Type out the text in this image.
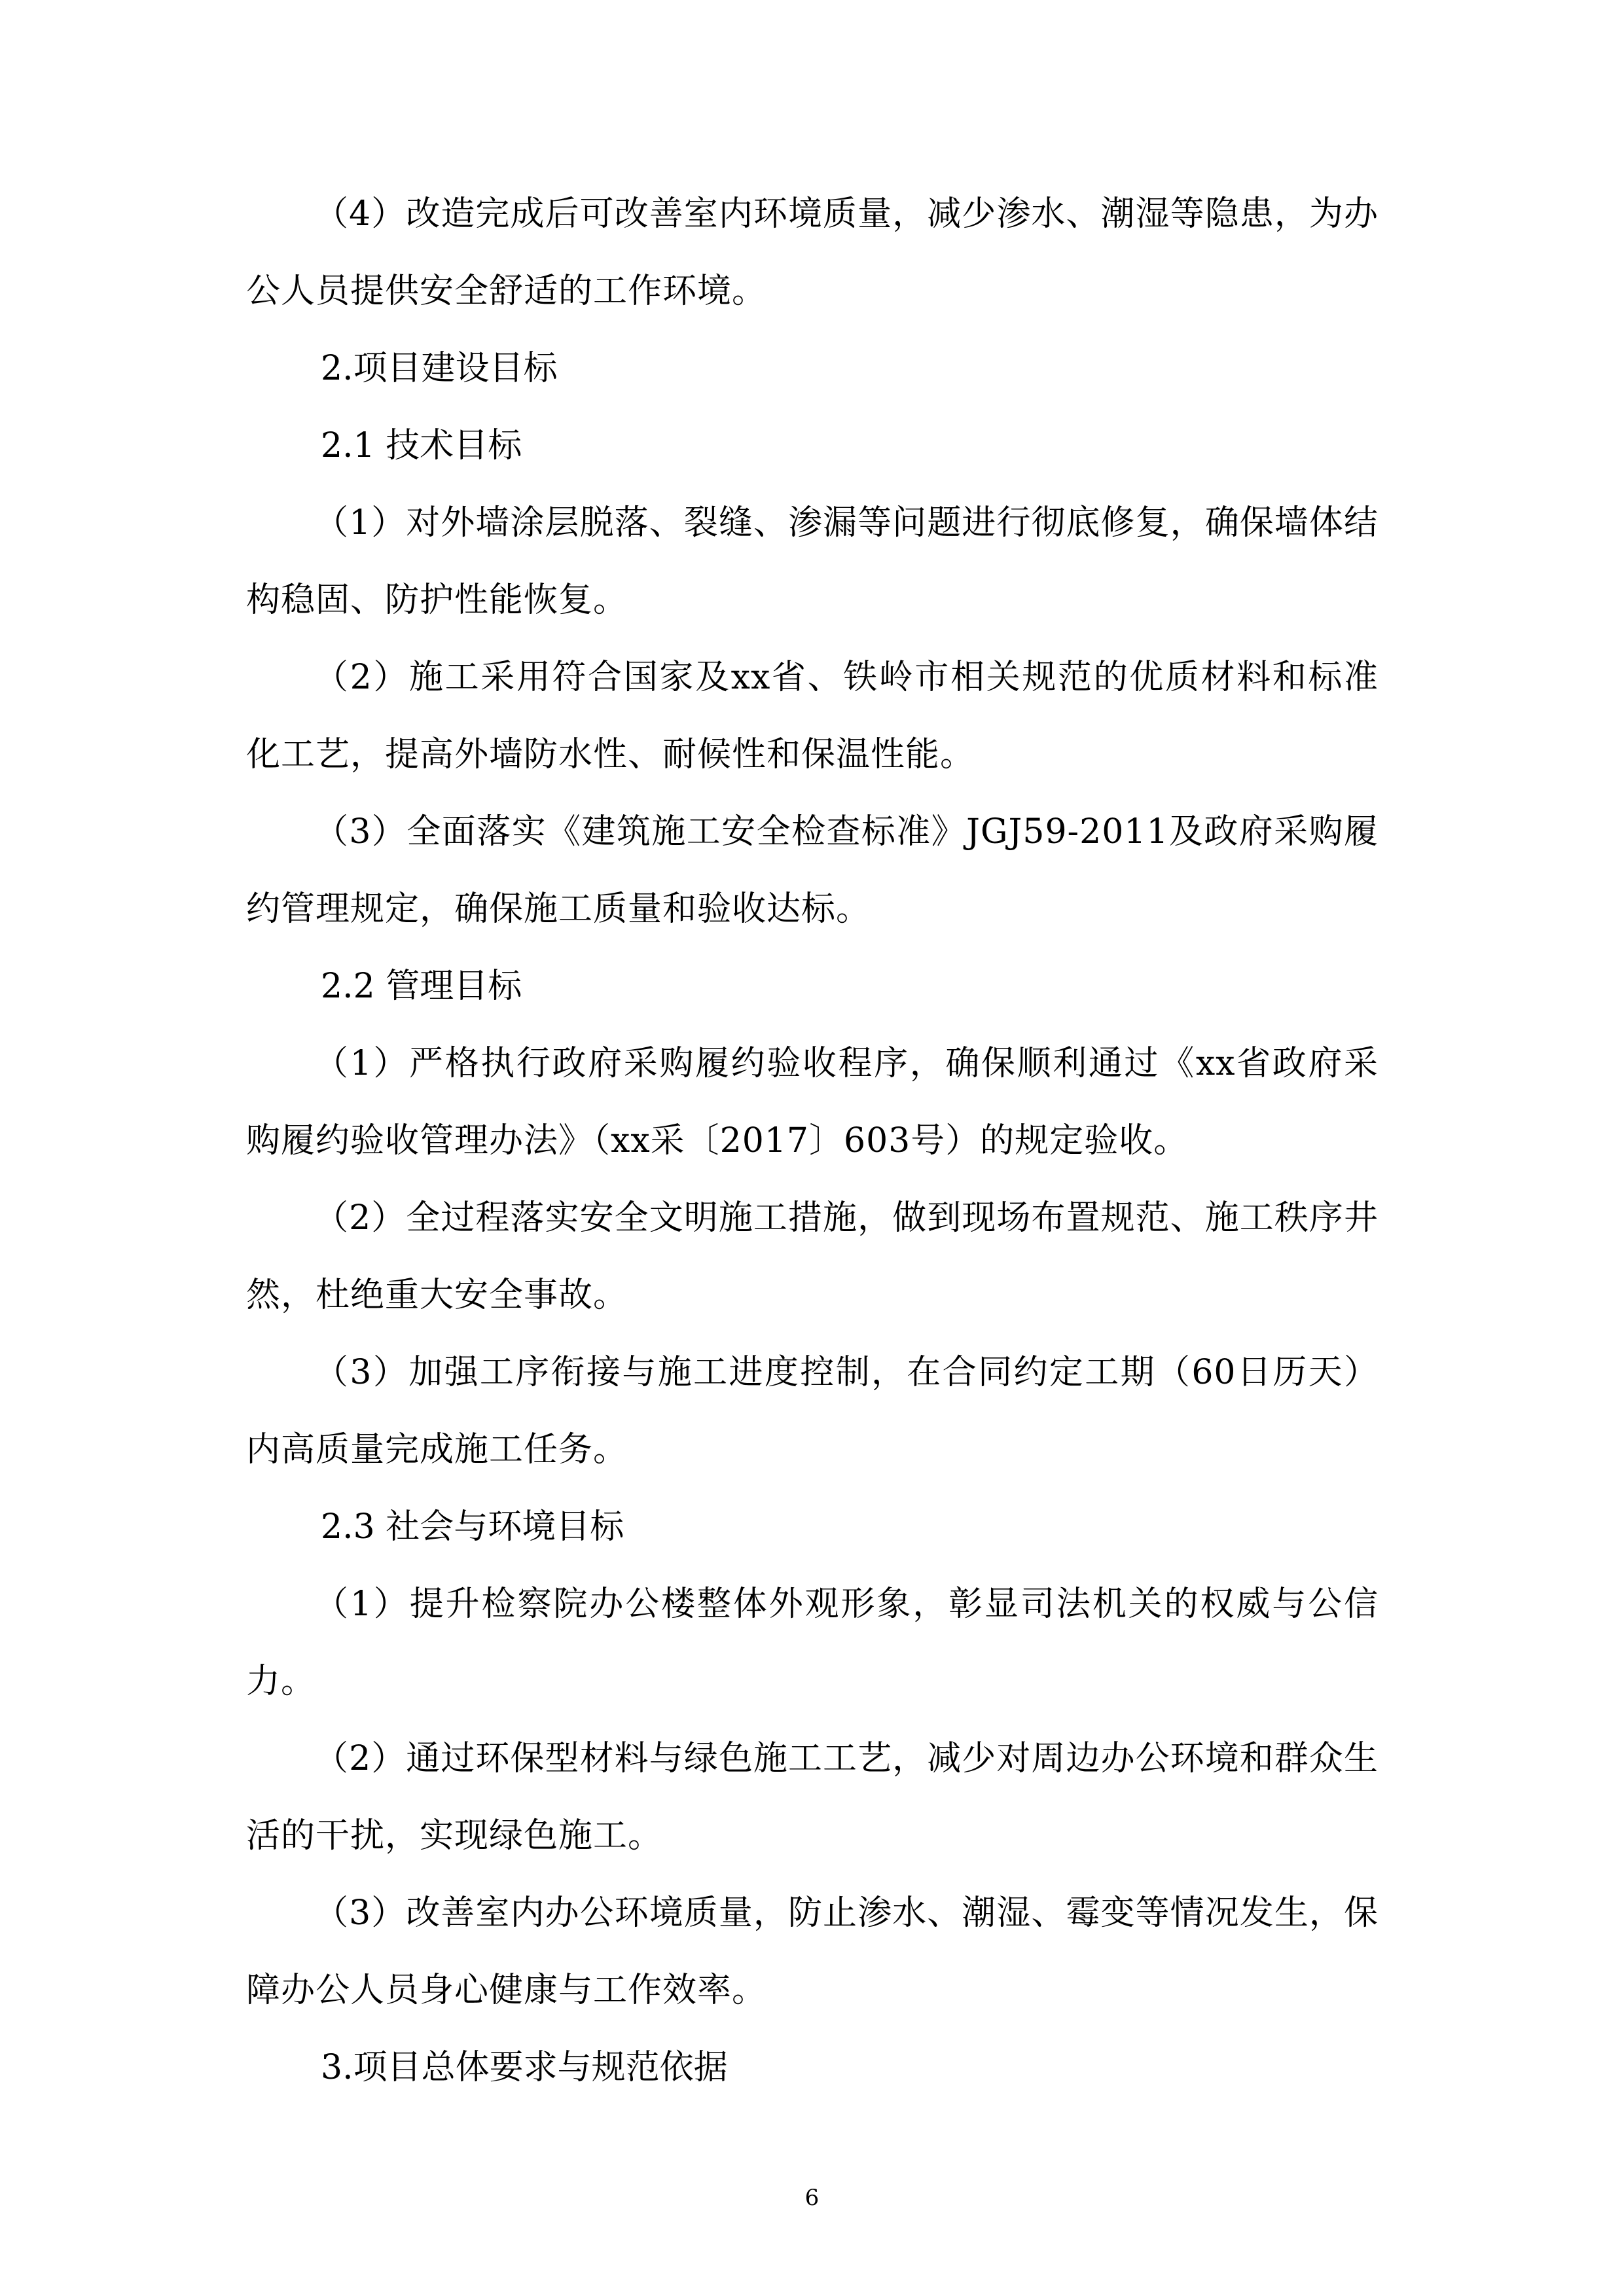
（4）改造完成后可改善室内环境质量，减少渗水、潮湿等隐患，为办公人员提供安全舒适的工作环境。

2.项目建设目标

2.1 技术目标

（1）对外墙涂层脱落、裂缝、渗漏等问题进行彻底修复，确保墙体结构稳固、防护性能恢复。

（2）施工采用符合国家及xx省、铁岭市相关规范的优质材料和标准化工艺，提高外墙防水性、耐候性和保温性能。

（3）全面落实《建筑施工安全检查标准》JGJ59-2011及政府采购履约管理规定，确保施工质量和验收达标。

2.2 管理目标

（1）严格执行政府采购履约验收程序，确保顺利通过《xx省政府采购履约验收管理办法》（xx采〔2017〕603号）的规定验收。

（2）全过程落实安全文明施工措施，做到现场布置规范、施工秩序井然，杜绝重大安全事故。

（3）加强工序衔接与施工进度控制，在合同约定工期（60日历天）内高质量完成施工任务。

2.3 社会与环境目标

（1）提升检察院办公楼整体外观形象，彰显司法机关的权威与公信力。

（2）通过环保型材料与绿色施工工艺，减少对周边办公环境和群众生活的干扰，实现绿色施工。

（3）改善室内办公环境质量，防止渗水、潮湿、霉变等情况发生，保障办公人员身心健康与工作效率。

3.项目总体要求与规范依据

6
